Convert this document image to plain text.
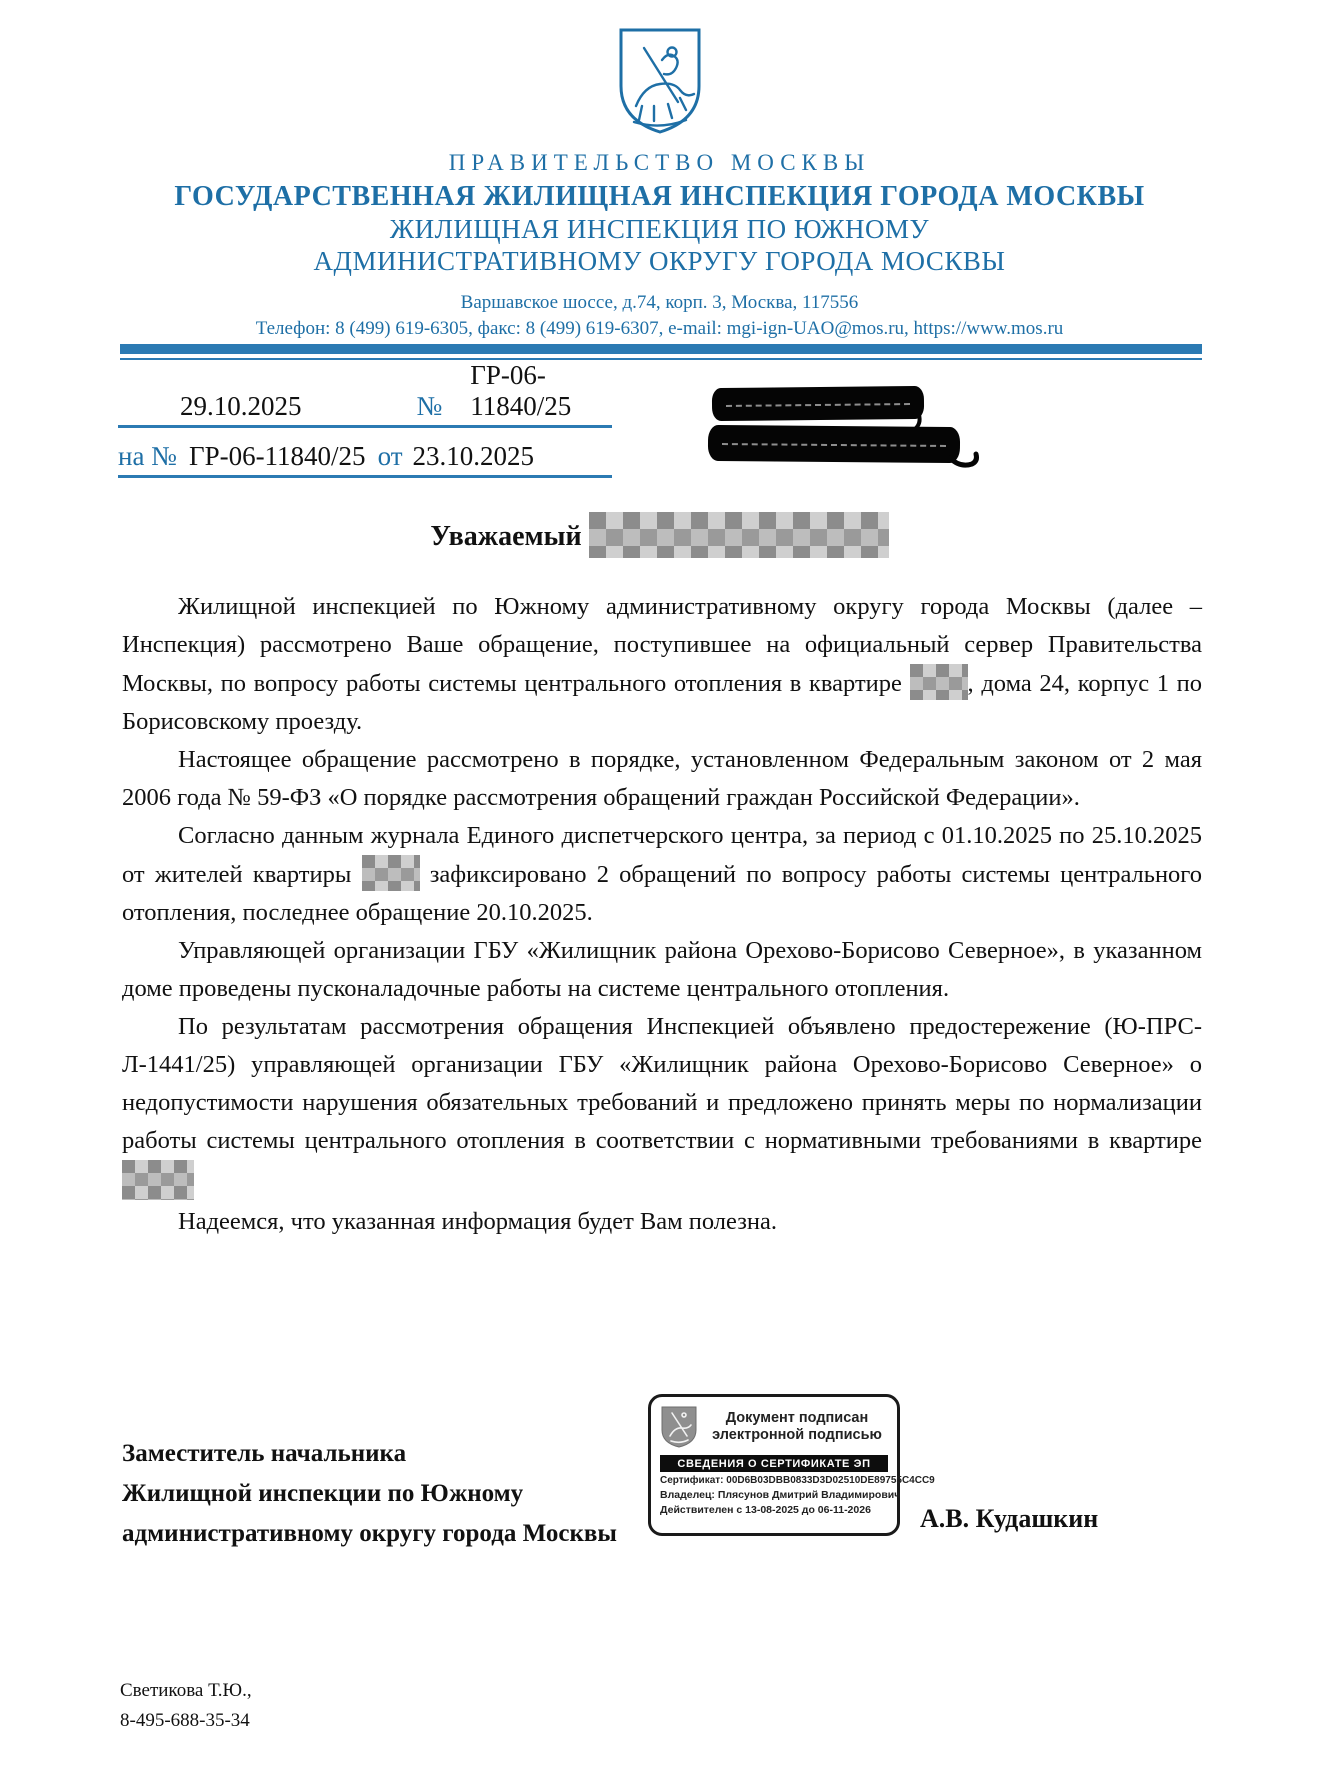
ПРАВИТЕЛЬСТВО МОСКВЫ
ГОСУДАРСТВЕННАЯ ЖИЛИЩНАЯ ИНСПЕКЦИЯ ГОРОДА МОСКВЫ
ЖИЛИЩНАЯ ИНСПЕКЦИЯ ПО ЮЖНОМУ
АДМИНИСТРАТИВНОМУ ОКРУГУ ГОРОДА МОСКВЫ
Варшавское шоссе, д.74, корп. 3, Москва, 117556
Телефон: 8 (499) 619-6305, факс: 8 (499) 619-6307, e-mail: mgi-ign-UAO@mos.ru, https://www.mos.ru
29.10.2025	№
ГР-06-11840/25
на № ГР-06-11840/25 от 23.10.2025
Уважаемый

Жилищной инспекцией по Южному административному округу города Москвы (далее – Инспекция) рассмотрено Ваше обращение, поступившее на официальный сервер Правительства Москвы, по вопросу работы системы центрального отопления в квартире , дома 24, корпус 1 по Борисовскому проезду.

Настоящее обращение рассмотрено в порядке, установленном Федеральным законом от 2 мая 2006 года № 59-ФЗ «О порядке рассмотрения обращений граждан Российской Федерации».

Согласно данным журнала Единого диспетчерского центра, за период с 01.10.2025 по 25.10.2025 от жителей квартиры  зафиксировано 2 обращений по вопросу работы системы центрального отопления, последнее обращение 20.10.2025.

Управляющей организации ГБУ «Жилищник района Орехово-Борисово Северное», в указанном доме проведены пусконаладочные работы на системе центрального отопления.

По результатам рассмотрения обращения Инспекцией объявлено предостережение (Ю-ПРС-Л-1441/25) управляющей организации ГБУ «Жилищник района Орехово-Борисово Северное» о недопустимости нарушения обязательных требований и предложено принять меры по нормализации работы системы центрального отопления в соответствии с нормативными требованиями в квартире

Надеемся, что указанная информация будет Вам полезна.

Заместитель начальника
Жилищной инспекции по Южному
административному округу города Москвы
Документ подписан
электронной подписью
СВЕДЕНИЯ О СЕРТИФИКАТЕ ЭП
Сертификат: 00D6B03DBB0833D3D02510DE89755C4CC9
Владелец: Плясунов Дмитрий Владимирович
Действителен с 13-08-2025 до 06-11-2026	А.В. Кудашкин
Светикова Т.Ю.,
8-495-688-35-34
